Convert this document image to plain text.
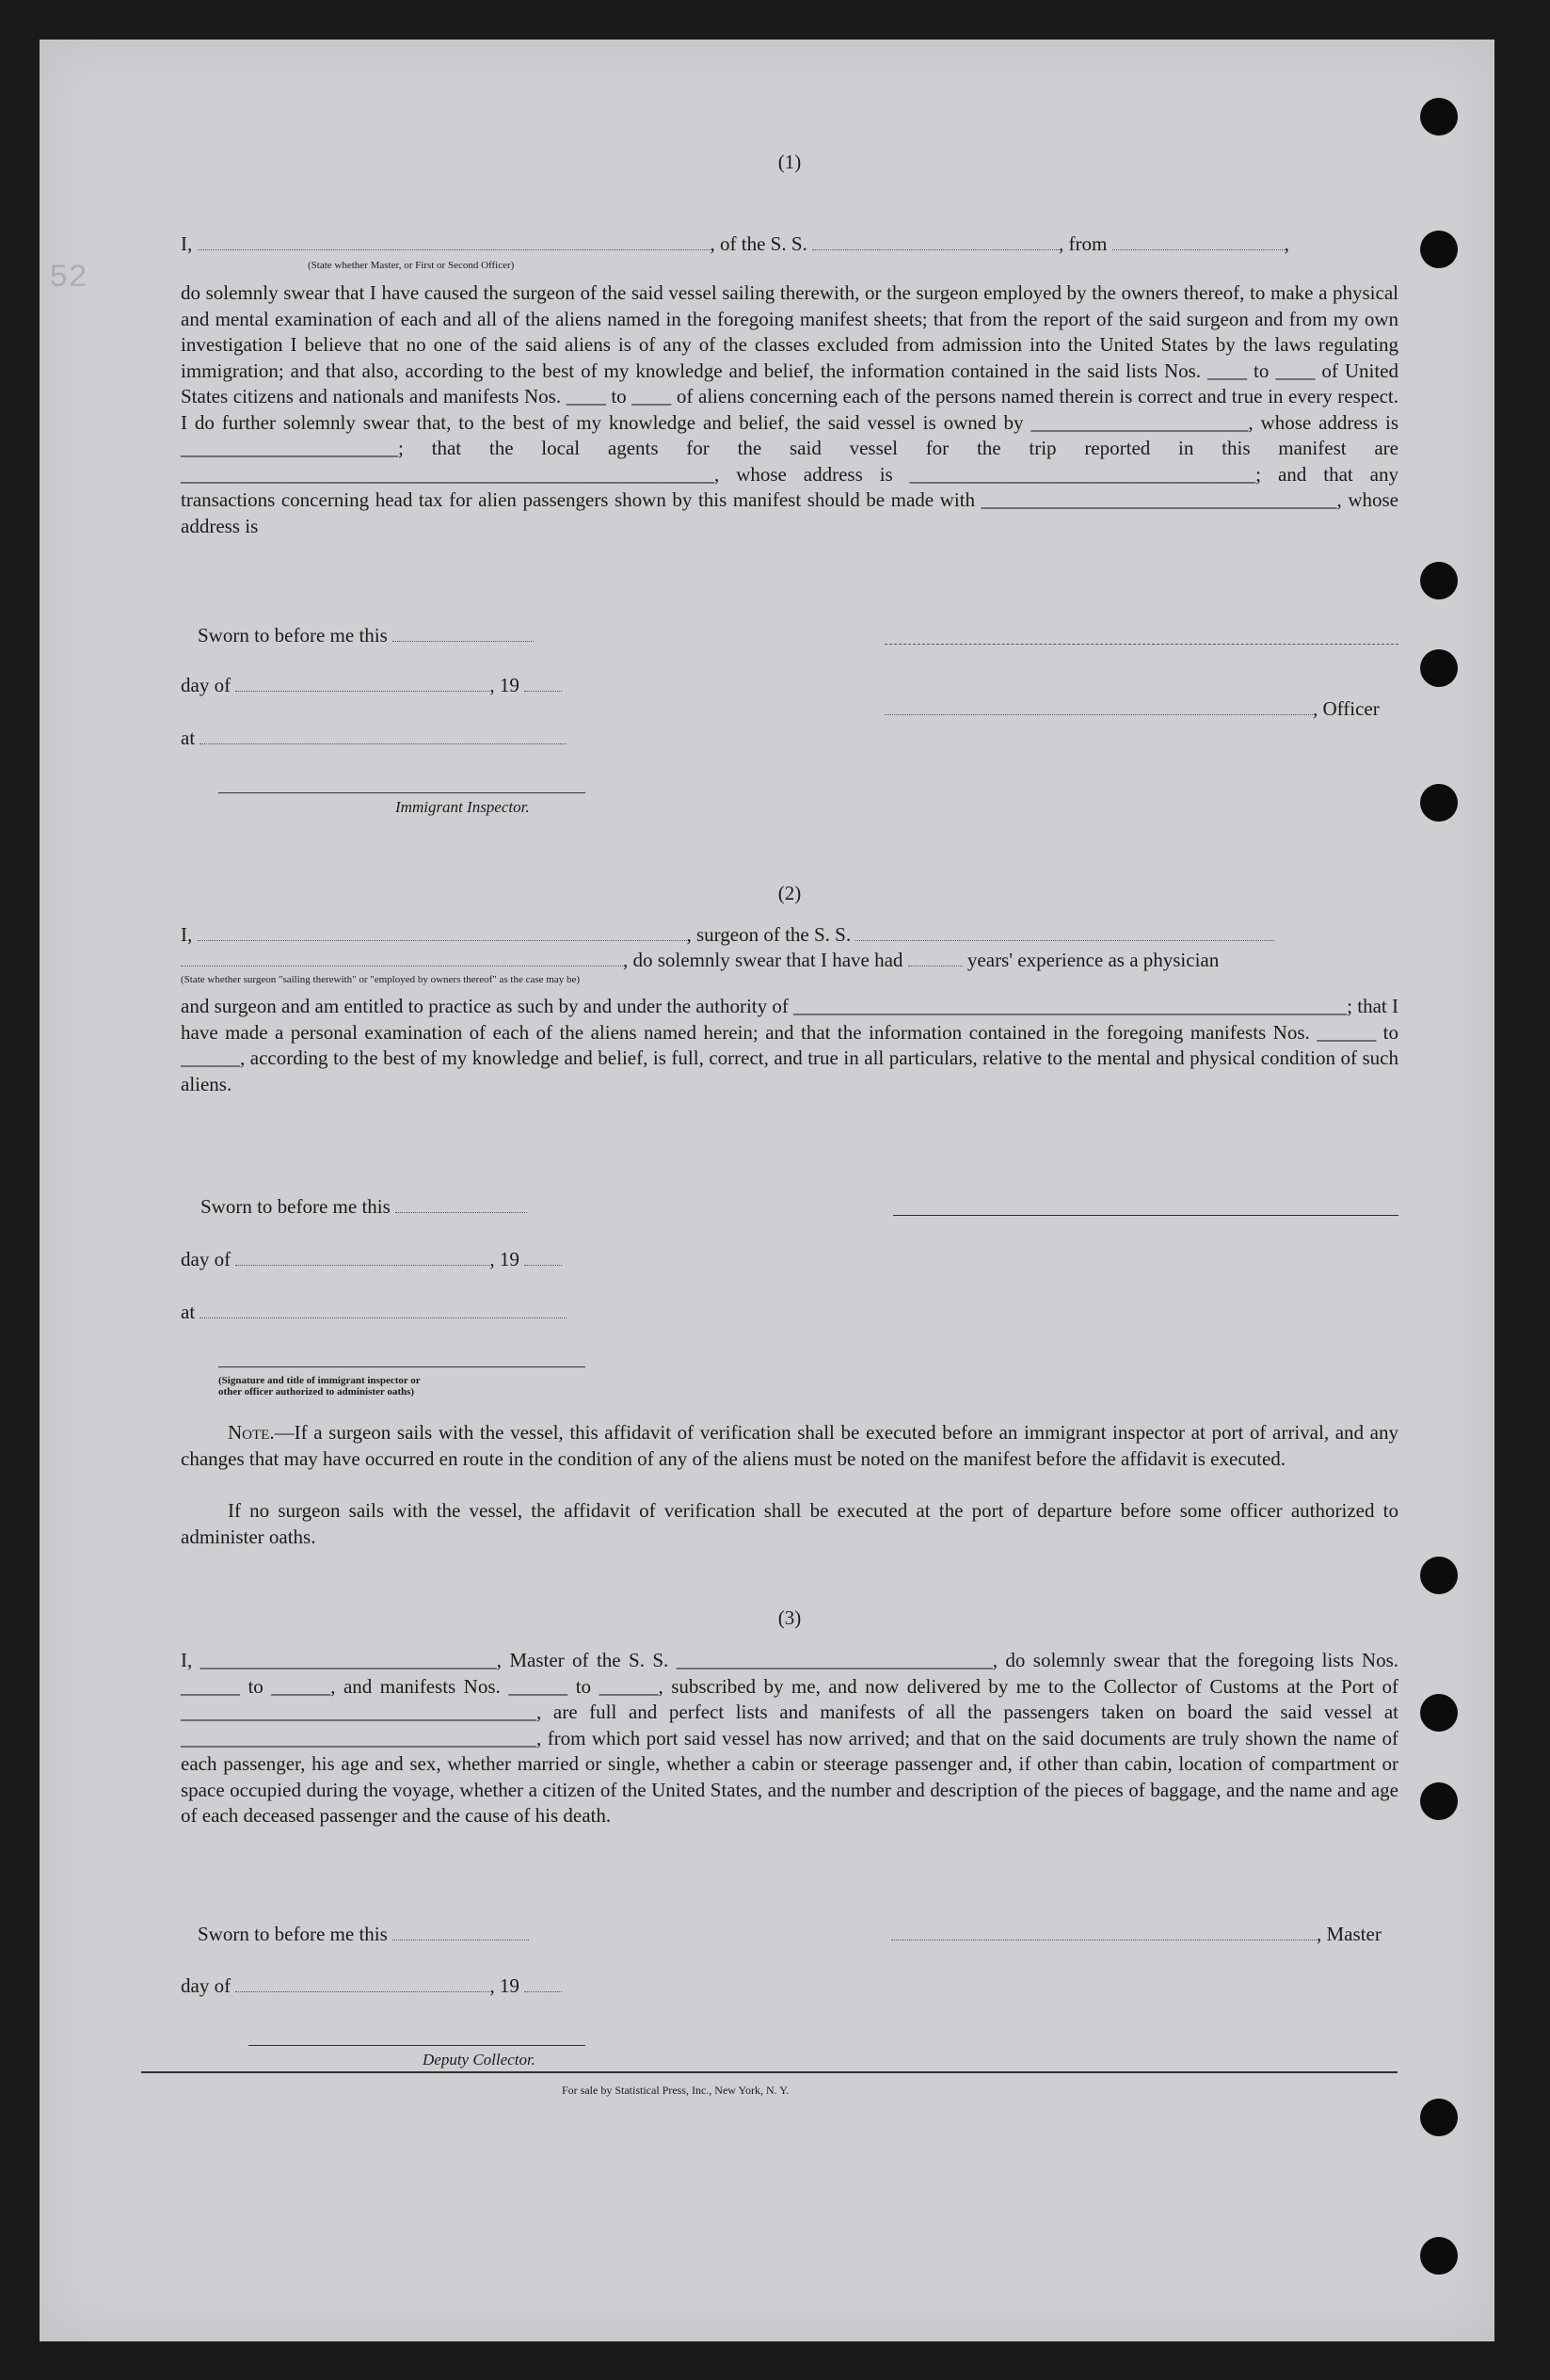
52
(1)
I,	, of the S. S.	, from	,
(State whether Master, or First or Second Officer)
do solemnly swear that I have caused the surgeon of the said vessel sailing therewith, or the surgeon employed by the owners thereof, to make a physical and mental examination of each and all of the aliens named in the foregoing manifest sheets; that from the report of the said surgeon and from my own investigation I believe that no one of the said aliens is of any of the classes excluded from admission into the United States by the laws regulating immigration; and that also, according to the best of my knowledge and belief, the information contained in the said lists Nos. ____ to ____ of United States citizens and nationals and manifests Nos. ____ to ____ of aliens concerning each of the persons named therein is correct and true in every respect. I do further solemnly swear that, to the best of my knowledge and belief, the said vessel is owned by ______________________, whose address is ______________________; that the local agents for the said vessel for the trip reported in this manifest are ______________________________________________________, whose address is ___________________________________; and that any transactions concerning head tax for alien passengers shown by this manifest should be made with ____________________________________, whose address is
Sworn to before me this
day of	, 19
, Officer
at
Immigrant Inspector.
(2)
I,	, surgeon of the S. S.
, do solemnly swear that I have had	years' experience as a physician
(State whether surgeon "sailing therewith" or "employed by owners thereof" as the case may be)
and surgeon and am entitled to practice as such by and under the authority of ________________________________________________________; that I have made a personal examination of each of the aliens named herein; and that the information contained in the foregoing manifests Nos. ______ to ______, according to the best of my knowledge and belief, is full, correct, and true in all particulars, relative to the mental and physical condition of such aliens.
Sworn to before me this
day of	, 19
at
(Signature and title of immigrant inspector or
other officer authorized to administer oaths)
Note.—If a surgeon sails with the vessel, this affidavit of verification shall be executed before an immigrant inspector at port of arrival, and any changes that may have occurred en route in the condition of any of the aliens must be noted on the manifest before the affidavit is executed.
If no surgeon sails with the vessel, the affidavit of verification shall be executed at the port of departure before some officer authorized to administer oaths.
(3)
I, ______________________________, Master of the S. S. ________________________________, do solemnly swear that the foregoing lists Nos. ______ to ______, and manifests Nos. ______ to ______, subscribed by me, and now delivered by me to the Collector of Customs at the Port of ____________________________________, are full and perfect lists and manifests of all the passengers taken on board the said vessel at ____________________________________, from which port said vessel has now arrived; and that on the said documents are truly shown the name of each passenger, his age and sex, whether married or single, whether a cabin or steerage passenger and, if other than cabin, location of compartment or space occupied during the voyage, whether a citizen of the United States, and the number and description of the pieces of baggage, and the name and age of each deceased passenger and the cause of his death.
Sworn to before me this	, Master
day of	, 19
Deputy Collector.
For sale by Statistical Press, Inc., New York, N. Y.
